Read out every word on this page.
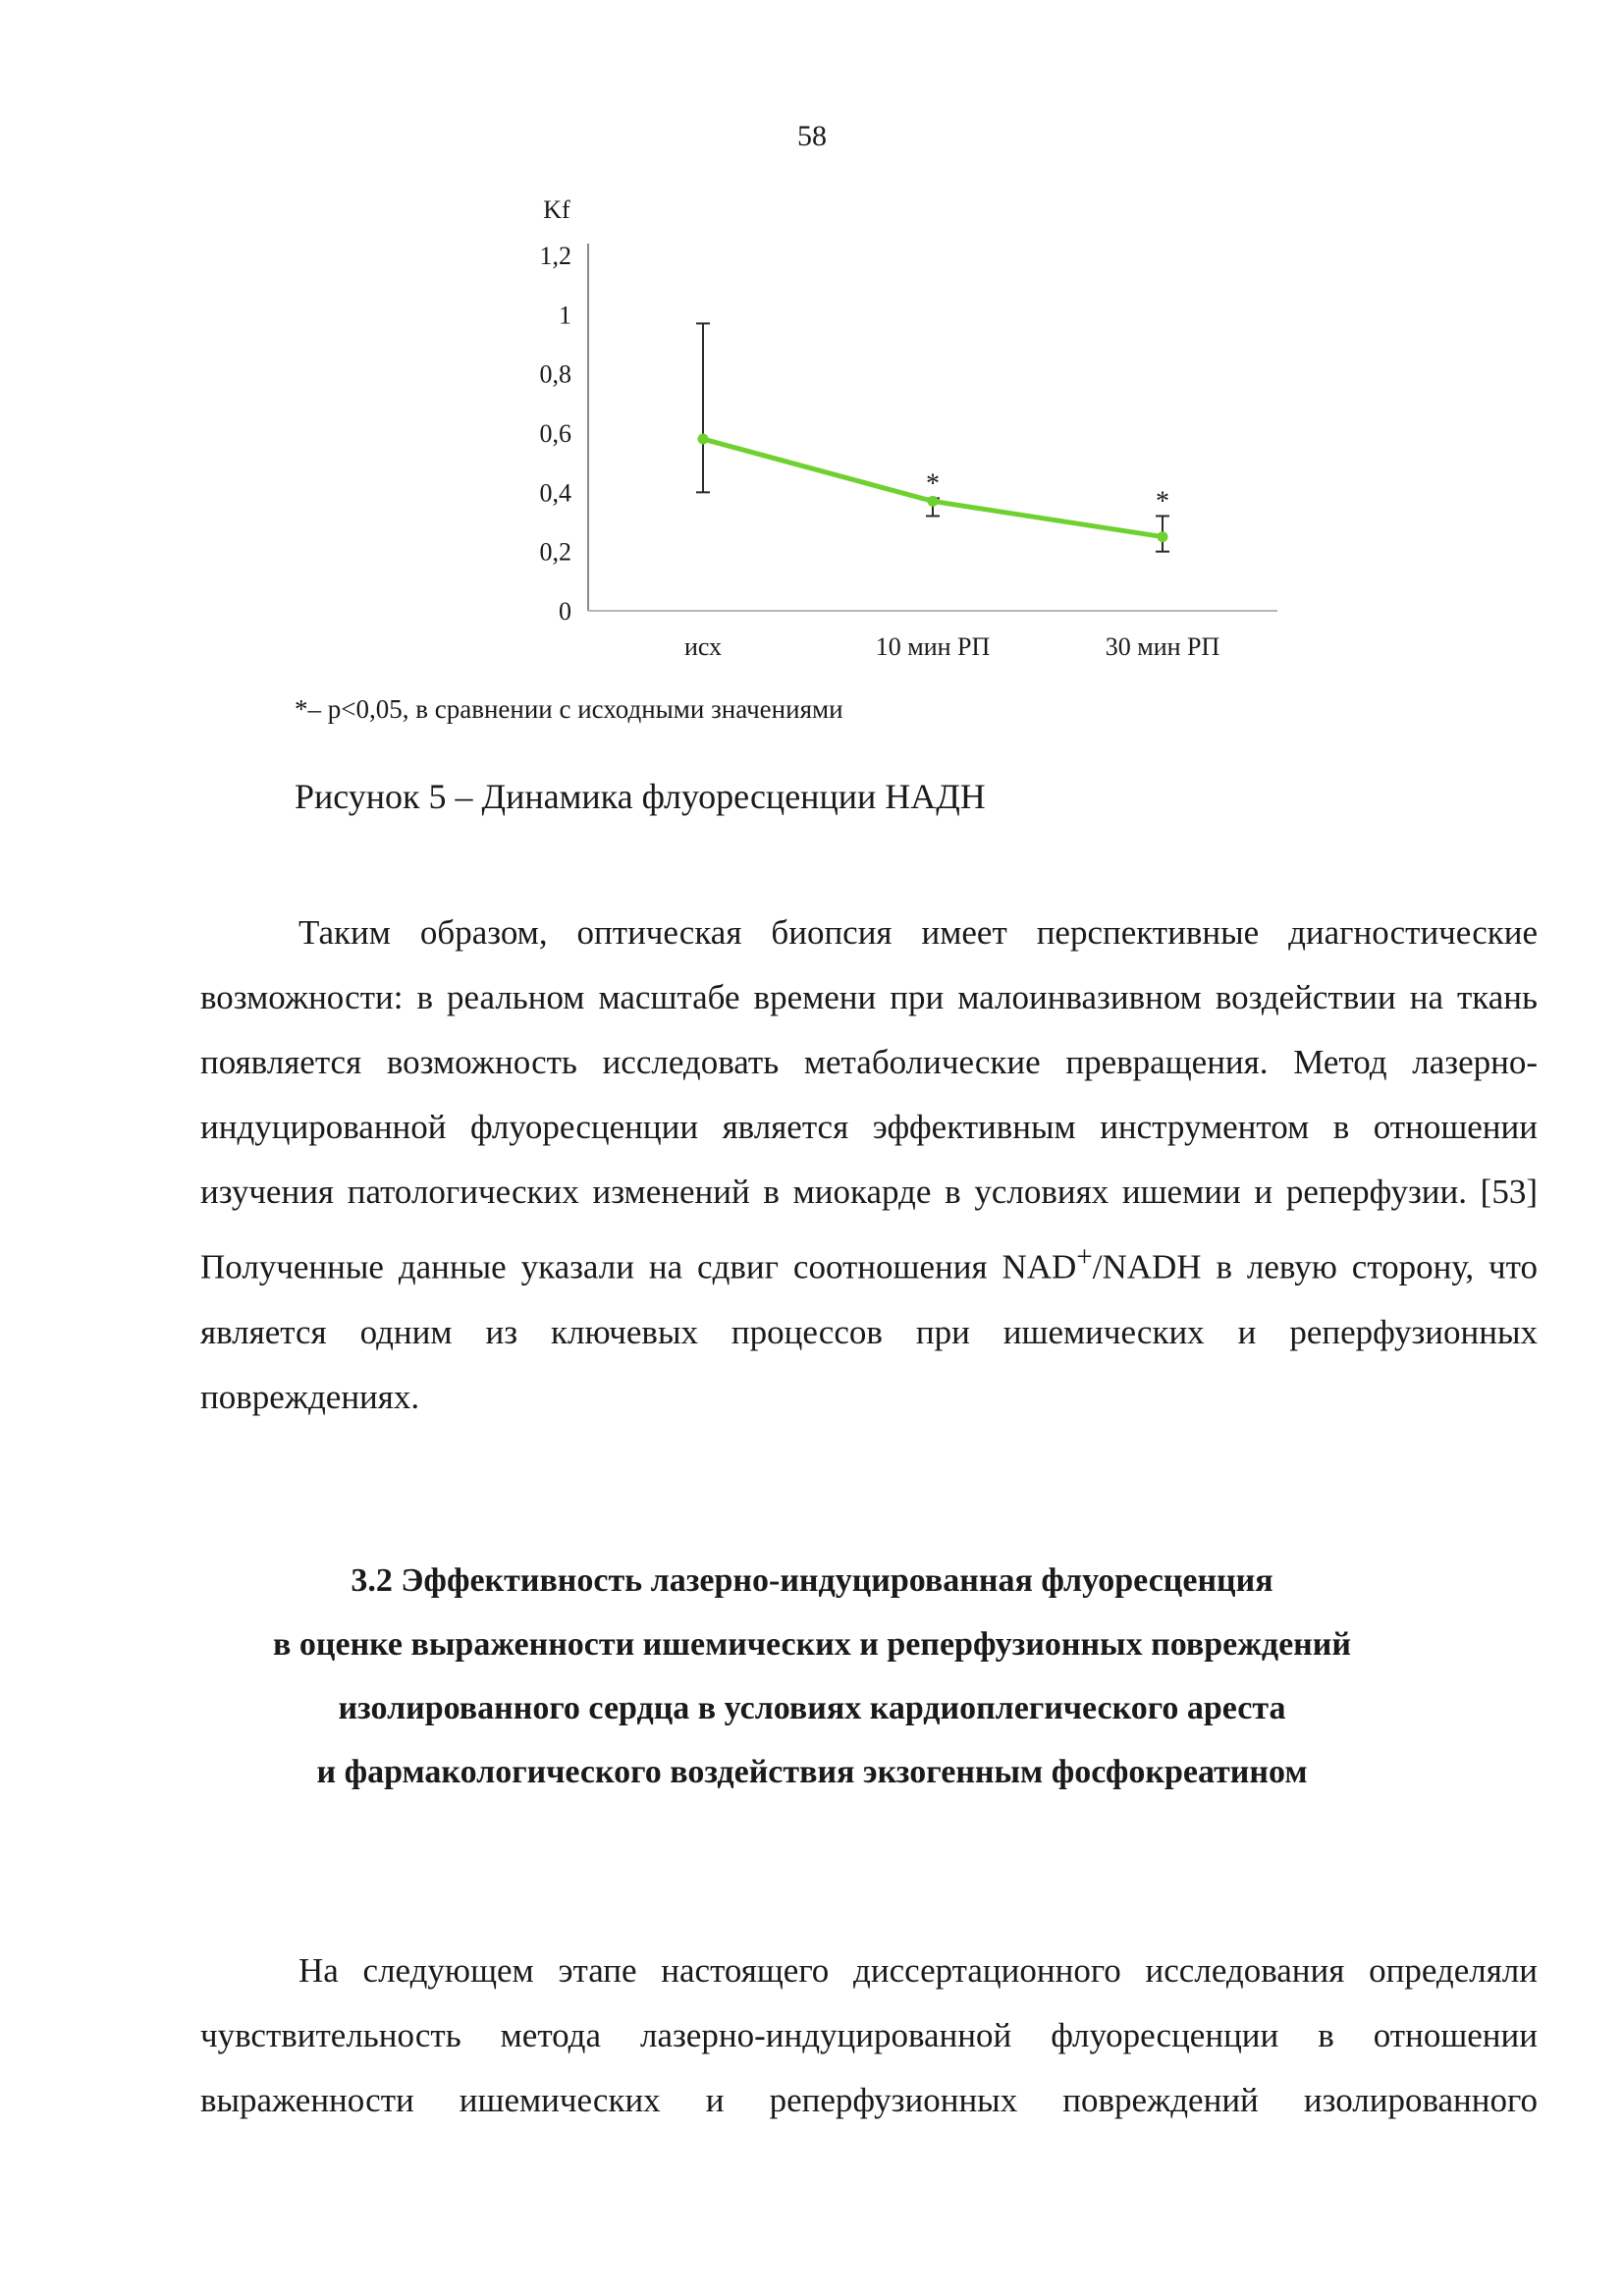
58
Kf
0
0,2
0,4
0,6
0,8
1
1,2
исх	10 мин РП	30 мин РП
*
*
*– p<0,05, в сравнении с исходными значениями
Рисунок 5 – Динамика флуоресценции НАДН

Таким образом, оптическая биопсия имеет перспективные диагностические возможности: в реальном масштабе времени при малоинвазивном воздействии на ткань появляется возможность исследовать метаболические превращения. Метод лазерно-индуцированной флуоресценции является эффективным инструментом в отношении изучения патологических изменений в миокарде в условиях ишемии и реперфузии. [53] Полученные данные указали на сдвиг соотношения NAD+/NADH в левую сторону, что является одним из ключевых процессов при ишемических и реперфузионных повреждениях.

3.2 Эффективность лазерно-индуцированная флуоресценция
в оценке выраженности ишемических и реперфузионных повреждений
изолированного сердца в условиях кардиоплегического ареста
и фармакологического воздействия экзогенным фосфокреатином

На следующем этапе настоящего диссертационного исследования определяли чувствительность метода лазерно-индуцированной флуоресценции в отношении выраженности ишемических и реперфузионных повреждений изолированного
